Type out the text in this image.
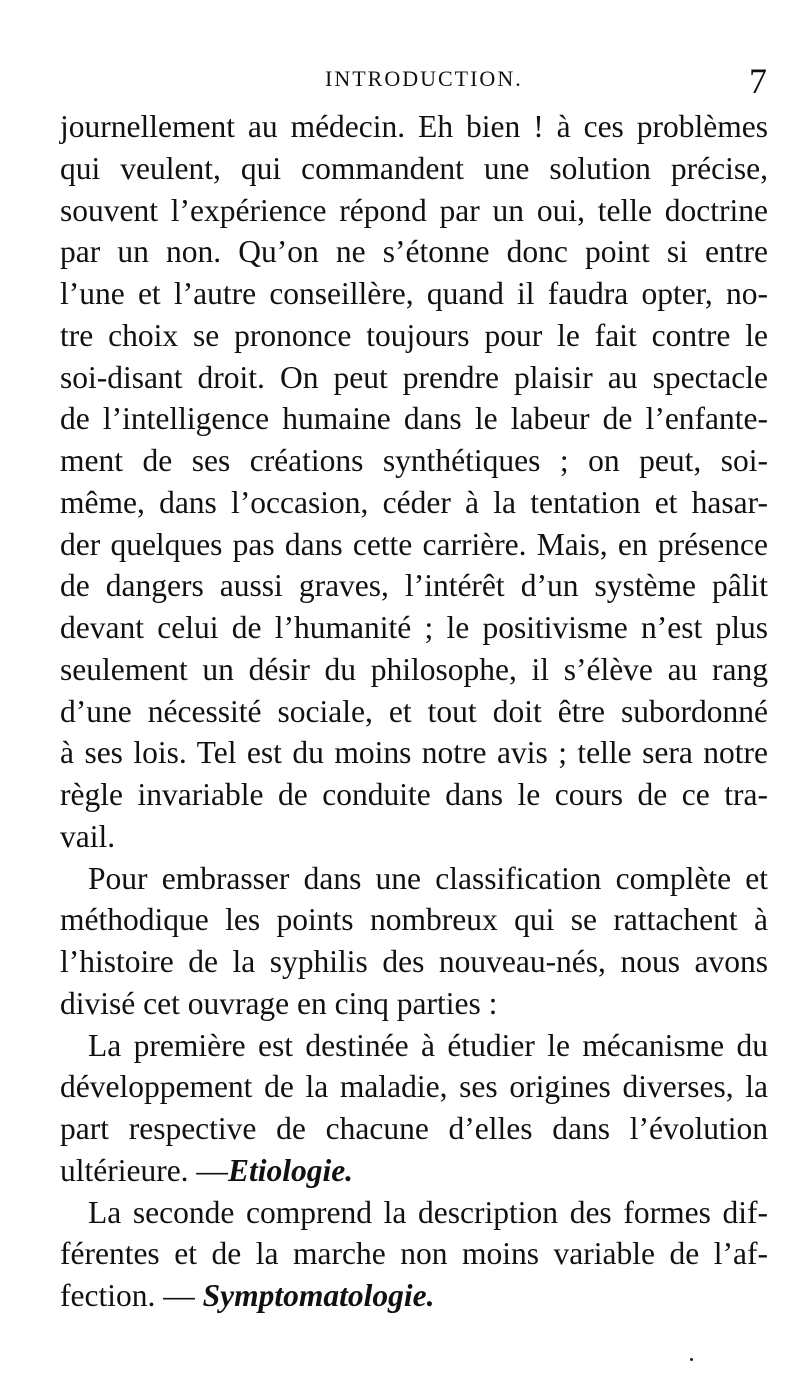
INTRODUCTION.	7
journellement au médecin. Eh bien ! à ces problèmes
qui veulent, qui commandent une solution précise,
souvent l’expérience répond par un oui, telle doctrine
par un non. Qu’on ne s’étonne donc point si entre
l’une et l’autre conseillère, quand il faudra opter, no-
tre choix se prononce toujours pour le fait contre le
soi-disant droit. On peut prendre plaisir au spectacle
de l’intelligence humaine dans le labeur de l’enfante-
ment de ses créations synthétiques ; on peut, soi-
même, dans l’occasion, céder à la tentation et hasar-
der quelques pas dans cette carrière. Mais, en présence
de dangers aussi graves, l’intérêt d’un système pâlit
devant celui de l’humanité ; le positivisme n’est plus
seulement un désir du philosophe, il s’élève au rang
d’une nécessité sociale, et tout doit être subordonné
à ses lois. Tel est du moins notre avis ; telle sera notre
règle invariable de conduite dans le cours de ce tra-
vail.
Pour embrasser dans une classification complète et
méthodique les points nombreux qui se rattachent à
l’histoire de la syphilis des nouveau-nés, nous avons
divisé cet ouvrage en cinq parties :
La première est destinée à étudier le mécanisme du
développement de la maladie, ses origines diverses, la
part respective de chacune d’elles dans l’évolution
ultérieure. —Etiologie.
La seconde comprend la description des formes dif-
férentes et de la marche non moins variable de l’af-
fection. — Symptomatologie.
